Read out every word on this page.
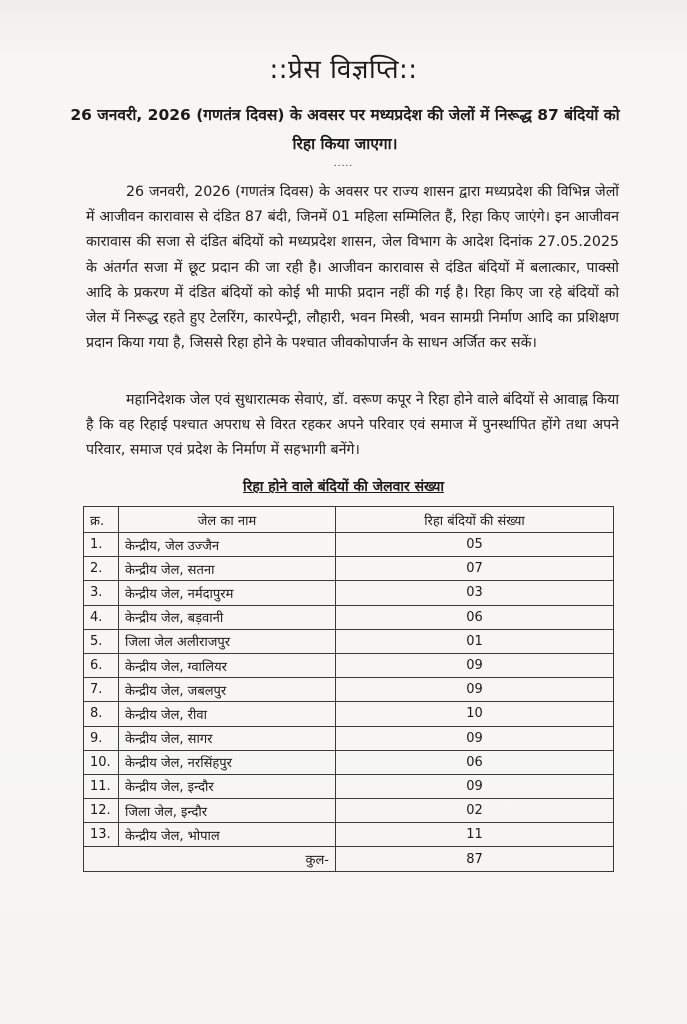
::प्रेस विज्ञप्ति::
26 जनवरी, 2026 (गणतंत्र दिवस) के अवसर पर मध्यप्रदेश की जेलों में निरूद्ध 87 बंदियों को रिहा किया जाएगा।
.....

26 जनवरी, 2026 (गणतंत्र दिवस) के अवसर पर राज्य शासन द्वारा मध्यप्रदेश की विभिन्न जेलों में आजीवन कारावास से दंडित 87 बंदी, जिनमें 01 महिला सम्मिलित हैं, रिहा किए जाएंगे। इन आजीवन कारावास की सजा से दंडित बंदियों को मध्यप्रदेश शासन, जेल विभाग के आदेश दिनांक 27.05.2025 के अंतर्गत सजा में छूट प्रदान की जा रही है। आजीवन कारावास से दंडित बंदियों में बलात्कार, पाक्सो आदि के प्रकरण में दंडित बंदियों को कोई भी माफी प्रदान नहीं की गई है। रिहा किए जा रहे बंदियों को जेल में निरूद्ध रहते हुए टेलरिंग, कारपेन्ट्री, लौहारी, भवन मिस्त्री, भवन सामग्री निर्माण आदि का प्रशिक्षण प्रदान किया गया है, जिससे रिहा होने के पश्चात जीवकोपार्जन के साधन अर्जित कर सकें।

महानिदेशक जेल एवं सुधारात्मक सेवाएं, डॉ. वरूण कपूर ने रिहा होने वाले बंदियों से आवाह्न किया है कि वह रिहाई पश्चात अपराध से विरत रहकर अपने परिवार एवं समाज में पुनर्स्थापित होंगे तथा अपने परिवार, समाज एवं प्रदेश के निर्माण में सहभागी बनेंगे।

रिहा होने वाले बंदियों की जेलवार संख्या
क्र.	जेल का नाम	रिहा बंदियों की संख्या
1.	केन्द्रीय, जेल उज्जैन	05
2.	केन्द्रीय जेल, सतना	07
3.	केन्द्रीय जेल, नर्मदापुरम	03
4.	केन्द्रीय जेल, बड़वानी	06
5.	जिला जेल अलीराजपुर	01
6.	केन्द्रीय जेल, ग्वालियर	09
7.	केन्द्रीय जेल, जबलपुर	09
8.	केन्द्रीय जेल, रीवा	10
9.	केन्द्रीय जेल, सागर	09
10.	केन्द्रीय जेल, नरसिंहपुर	06
11.	केन्द्रीय जेल, इन्दौर	09
12.	जिला जेल, इन्दौर	02
13.	केन्द्रीय जेल, भोपाल	11
कुल-		87
